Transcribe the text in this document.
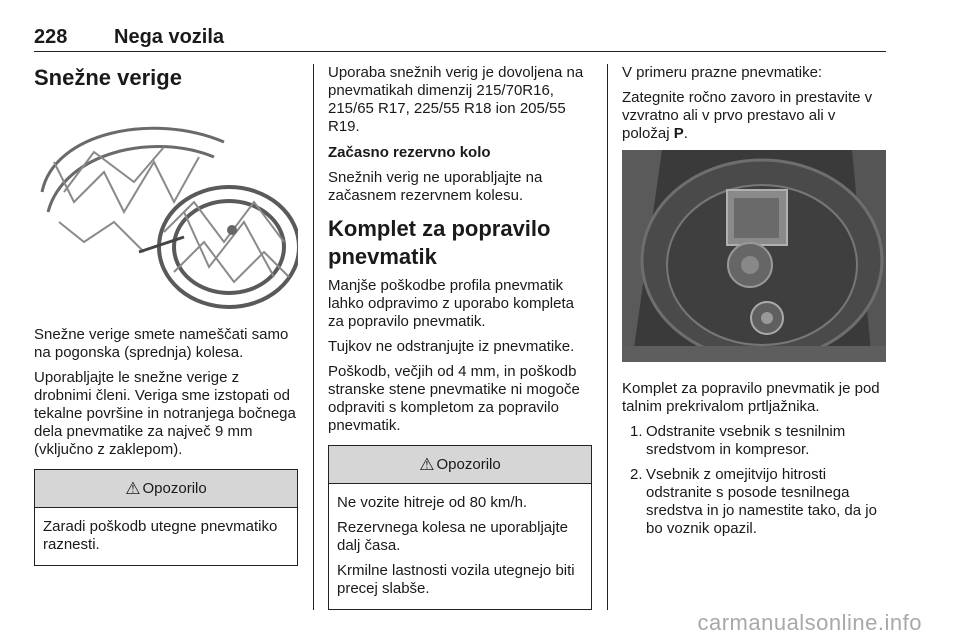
228 Nega vozila
Snežne verige

Snežne verige smete nameščati samo na pogonska (sprednja) kolesa.

Uporabljajte le snežne verige z drobnimi členi. Veriga sme izstopati od tekalne površine in notranjega bočnega dela pnevmatike za največ 9 mm (vključno z zaklepom).

⚠ Opozorilo

Zaradi poškodb utegne pnevmatiko raznesti.

Uporaba snežnih verig je dovoljena na pnevmatikah dimenzij 215/70R16, 215/65 R17, 225/55 R18 ion 205/55 R19.

Začasno rezervno kolo

Snežnih verig ne uporabljajte na začasnem rezervnem kolesu.

Komplet za popravilo pnevmatik

Manjše poškodbe profila pnevmatik lahko odpravimo z uporabo kompleta za popravilo pnevmatik.

Tujkov ne odstranjujte iz pnevmatike.

Poškodb, večjih od 4 mm, in poškodb stranske stene pnevmatike ni mogoče odpraviti s kompletom za popravilo pnevmatik.

⚠ Opozorilo

Ne vozite hitreje od 80 km/h.

Rezervnega kolesa ne uporabljajte dalj časa.

Krmilne lastnosti vozila utegnejo biti precej slabše.

V primeru prazne pnevmatike:

Zategnite ročno zavoro in prestavite v vzvratno ali v prvo prestavo ali v položaj P.

Komplet za popravilo pnevmatik je pod talnim prekrivalom prtljažnika.

1. Odstranite vsebnik s tesnilnim sredstvom in kompresor.
2. Vsebnik z omejitvijo hitrosti odstranite s posode tesnilnega sredstva in jo namestite tako, da jo bo voznik opazil.
carmanualsonline.info
